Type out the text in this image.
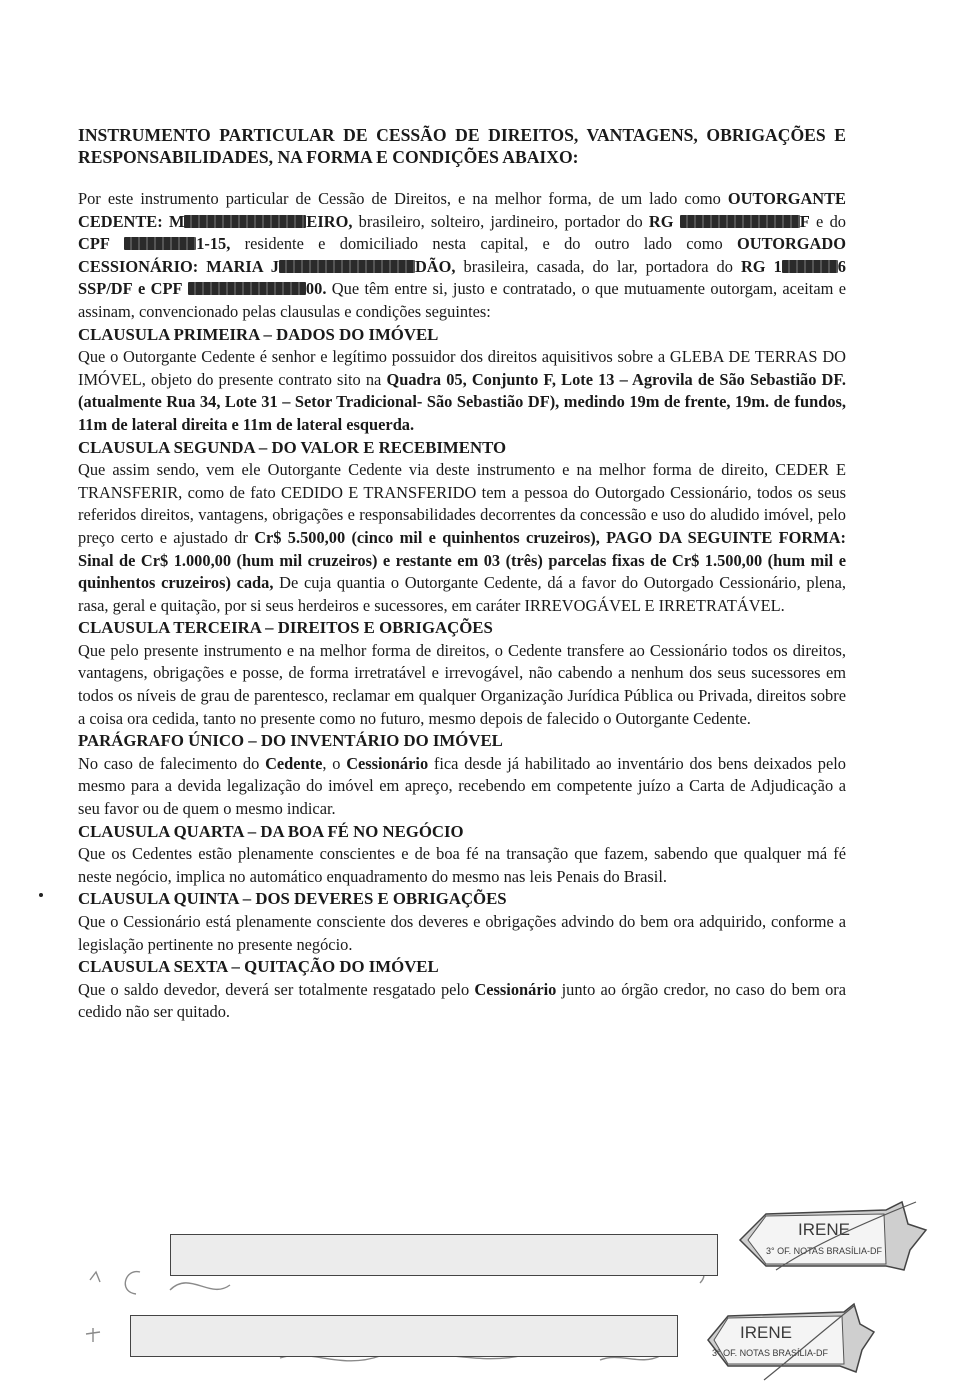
INSTRUMENTO PARTICULAR DE CESSÃO DE DIREITOS, VANTAGENS, OBRIGAÇÕES E RESPONSABILIDADES, NA FORMA E CONDIÇÕES ABAIXO:

Por este instrumento particular de Cessão de Direitos, e na melhor forma, de um lado como OUTORGANTE CEDENTE: M	EIRO, brasileiro, solteiro, jardineiro, portador do RG	F e do CPF	1-15, residente e domiciliado nesta capital, e do outro lado como OUTORGADO CESSIONÁRIO: MARIA J	DÃO, brasileira, casada, do lar, portadora do RG 1	6 SSP/DF e CPF	00. Que têm entre si, justo e contratado, o que mutuamente outorgam, aceitam e assinam, convencionado pelas clausulas e condições seguintes:

CLAUSULA PRIMEIRA – DADOS DO IMÓVEL

Que o Outorgante Cedente é senhor e legítimo possuidor dos direitos aquisitivos sobre a GLEBA DE TERRAS DO IMÓVEL, objeto do presente contrato sito na Quadra 05, Conjunto F, Lote 13 – Agrovila de São Sebastião DF. (atualmente Rua 34, Lote 31 – Setor Tradicional- São Sebastião DF), medindo 19m de frente, 19m. de fundos, 11m de lateral direita e 11m de lateral esquerda.

CLAUSULA SEGUNDA – DO VALOR E RECEBIMENTO

Que assim sendo, vem ele Outorgante Cedente via deste instrumento e na melhor forma de direito, CEDER E TRANSFERIR, como de fato CEDIDO E TRANSFERIDO tem a pessoa do Outorgado Cessionário, todos os seus referidos direitos, vantagens, obrigações e responsabilidades decorrentes da concessão e uso do aludido imóvel, pelo preço certo e ajustado dr Cr$ 5.500,00 (cinco mil e quinhentos cruzeiros), PAGO DA SEGUINTE FORMA: Sinal de Cr$ 1.000,00 (hum mil cruzeiros) e restante em 03 (três) parcelas fixas de Cr$ 1.500,00 (hum mil e quinhentos cruzeiros) cada, De cuja quantia o Outorgante Cedente, dá a favor do Outorgado Cessionário, plena, rasa, geral e quitação, por si seus herdeiros e sucessores, em caráter IRREVOGÁVEL E IRRETRATÁVEL.

CLAUSULA TERCEIRA – DIREITOS E OBRIGAÇÕES

Que pelo presente instrumento e na melhor forma de direitos, o Cedente transfere ao Cessionário todos os direitos, vantagens, obrigações e posse, de forma irretratável e irrevogável, não cabendo a nenhum dos seus sucessores em todos os níveis de grau de parentesco, reclamar em qualquer Organização Jurídica Pública ou Privada, direitos sobre a coisa ora cedida, tanto no presente como no futuro, mesmo depois de falecido o Outorgante Cedente.

PARÁGRAFO ÚNICO – DO INVENTÁRIO DO IMÓVEL

No caso de falecimento do Cedente, o Cessionário fica desde já habilitado ao inventário dos bens deixados pelo mesmo para a devida legalização do imóvel em apreço, recebendo em competente juízo a Carta de Adjudicação a seu favor ou de quem o mesmo indicar.

CLAUSULA QUARTA – DA BOA FÉ NO NEGÓCIO

Que os Cedentes estão plenamente conscientes e de boa fé na transação que fazem, sabendo que qualquer má fé neste negócio, implica no automático enquadramento do mesmo nas leis Penais do Brasil.

CLAUSULA QUINTA – DOS DEVERES E OBRIGAÇÕES

Que o Cessionário está plenamente consciente dos deveres e obrigações advindo do bem ora adquirido, conforme a legislação pertinente no presente negócio.

CLAUSULA SEXTA – QUITAÇÃO DO IMÓVEL

Que o saldo devedor, deverá ser totalmente resgatado pelo Cessionário junto ao órgão credor, no caso do bem ora cedido não ser quitado.

IRENE
3° OF. NOTAS BRASÍLIA-DF
IRENE
3° OF. NOTAS BRASÍLIA-DF
